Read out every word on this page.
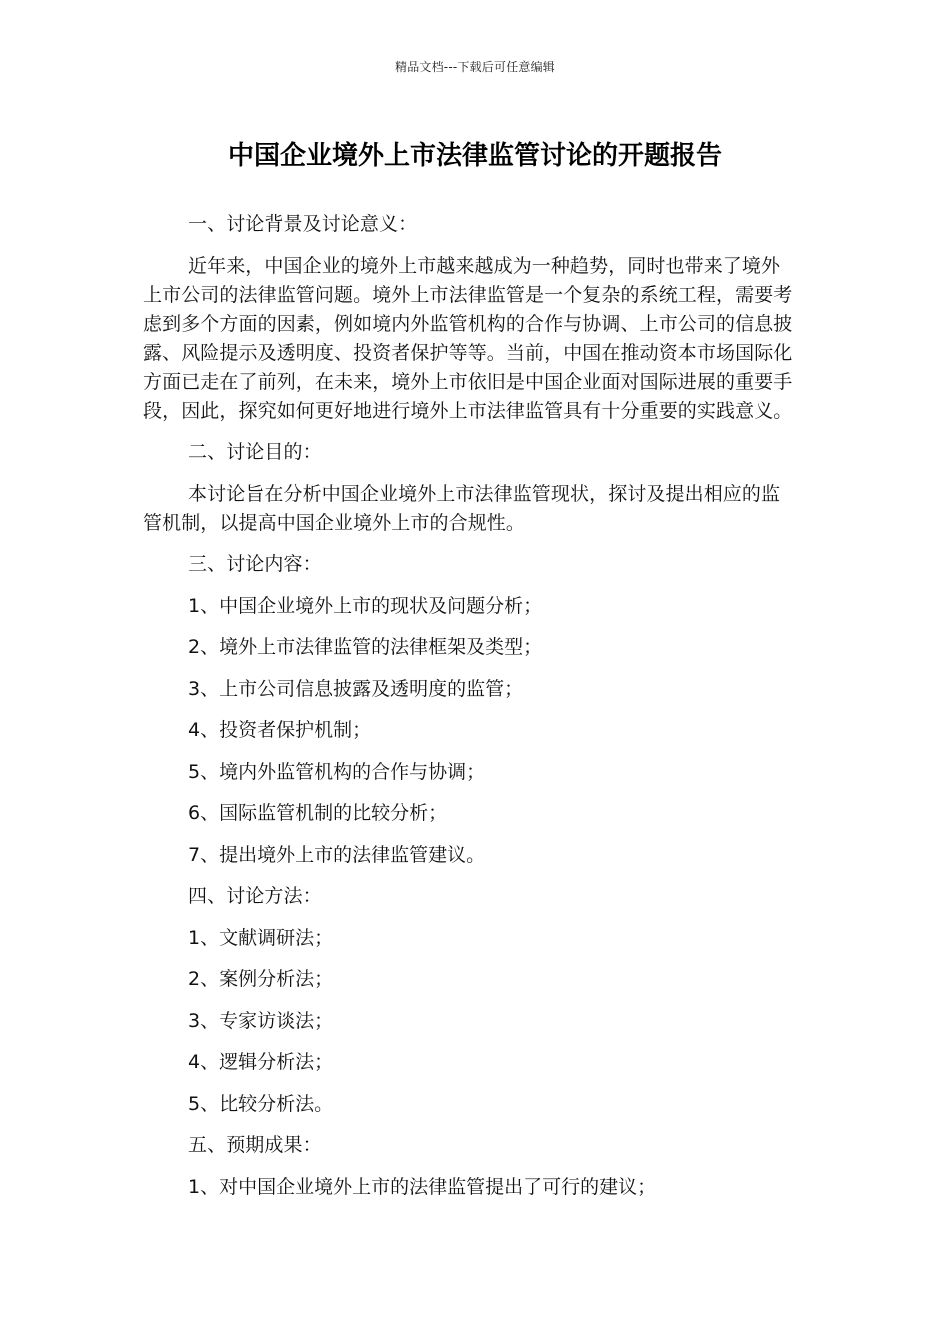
精品文档---下载后可任意编辑
中国企业境外上市法律监管讨论的开题报告

一、讨论背景及讨论意义：

近年来，中国企业的境外上市越来越成为一种趋势，同时也带来了境外上市公司的法律监管问题。境外上市法律监管是一个复杂的系统工程，需要考虑到多个方面的因素，例如境内外监管机构的合作与协调、上市公司的信息披露、风险提示及透明度、投资者保护等等。当前，中国在推动资本市场国际化方面已走在了前列，在未来，境外上市依旧是中国企业面对国际进展的重要手段，因此，探究如何更好地进行境外上市法律监管具有十分重要的实践意义。

二、讨论目的：

本讨论旨在分析中国企业境外上市法律监管现状，探讨及提出相应的监管机制，以提高中国企业境外上市的合规性。

三、讨论内容：

1、中国企业境外上市的现状及问题分析；

2、境外上市法律监管的法律框架及类型；

3、上市公司信息披露及透明度的监管；

4、投资者保护机制；

5、境内外监管机构的合作与协调；

6、国际监管机制的比较分析；

7、提出境外上市的法律监管建议。

四、讨论方法：

1、文献调研法；

2、案例分析法；

3、专家访谈法；

4、逻辑分析法；

5、比较分析法。

五、预期成果：

1、对中国企业境外上市的法律监管提出了可行的建议；
